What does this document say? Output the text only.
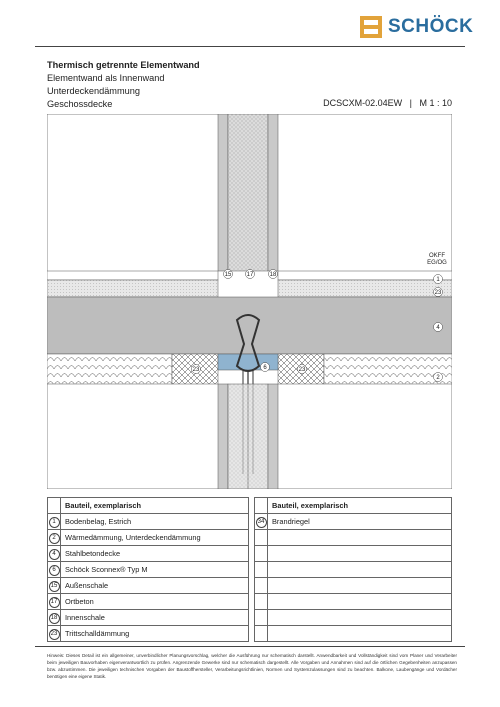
SCHÖCK
Thermisch getrennte Elementwand
Elementwand als Innenwand
Unterdeckendämmung
Geschossdecke	DCSCXM-02.04EW   |   M 1 : 10
OKFF
EG/OG
1
23
4
2
15	17	18
23	6	23
	Bauteil, exemplarisch
1	Bodenbelag, Estrich
2	Wärmedämmung, Unterdeckendämmung
4	Stahlbetondecke
6	Schöck Sconnex® Typ M
15	Außenschale
17	Ortbeton
18	Innenschale
23	Trittschalldämmung
	Bauteil, exemplarisch
34	Brandriegel

Hinweis: Dieses Detail ist ein allgemeiner, unverbindlicher Planungsvorschlag, welcher die Ausführung nur schematisch darstellt. Anwendbarkeit und Vollständigkeit sind vom Planer und Verarbeiter beim jeweiligen Bauvorhaben eigenverantwortlich zu prüfen. Angrenzende Gewerke sind nur schematisch dargestellt. Alle Vorgaben und Annahmen sind auf die örtlichen Gegebenheiten anzupassen bzw. abzustimmen. Die jeweiligen technischen Vorgaben der Baustoffhersteller, Verarbeitungsrichtlinien, Normen und Systemzulassungen sind zu beachten. Balkone, Laubengänge und Vordächer benötigen eine eigene Statik.
